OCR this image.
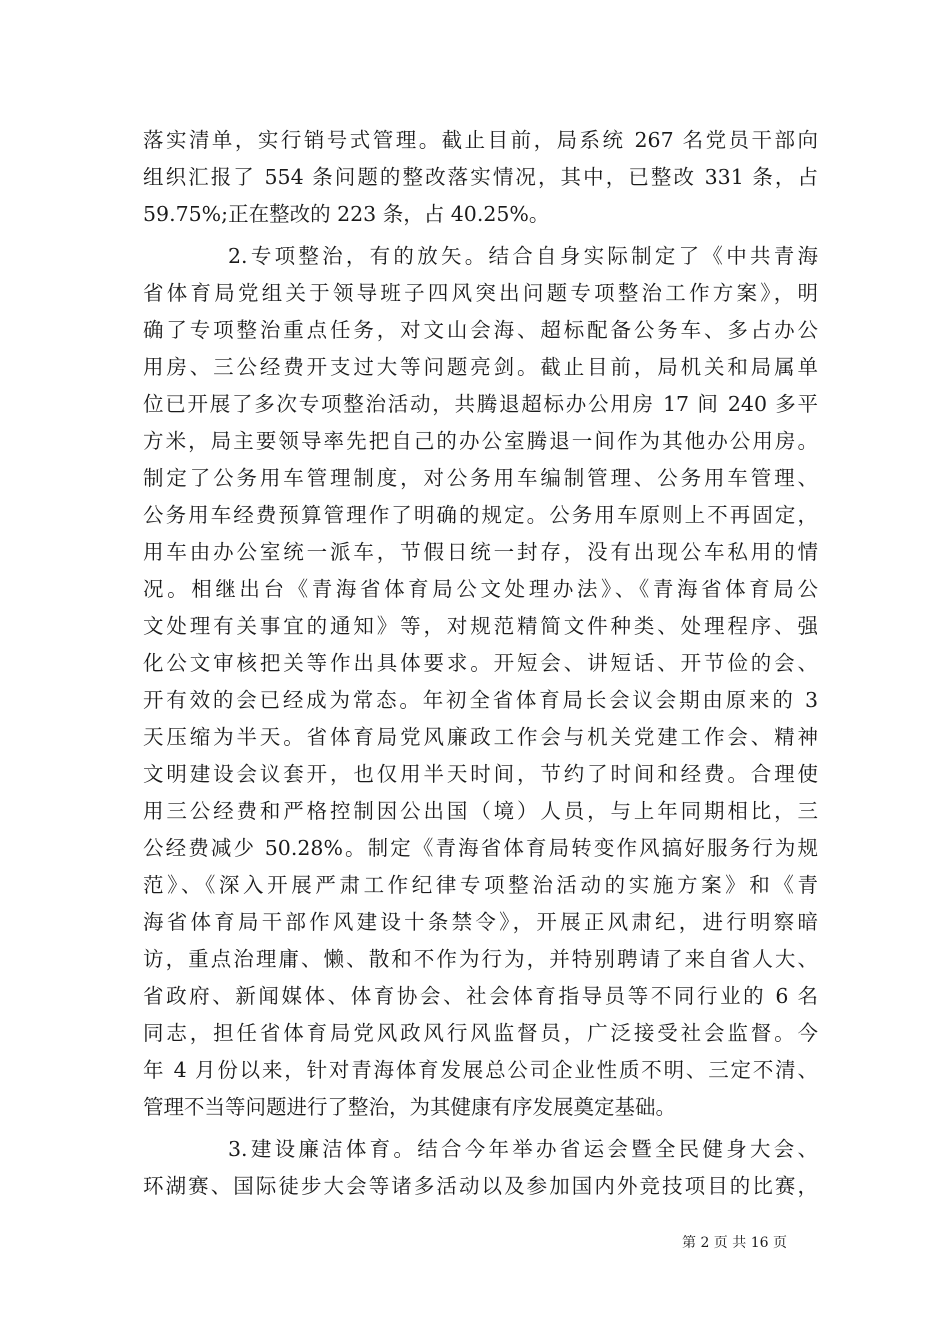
落实清单，实行销号式管理。截止目前，局系统 267 名党员干部向
组织汇报了 554 条问题的整改落实情况，其中，已整改 331 条，占
59.75%;正在整改的 223 条，占 40.25%。
2.专项整治，有的放矢。结合自身实际制定了《中共青海
省体育局党组关于领导班子四风突出问题专项整治工作方案》，明
确了专项整治重点任务，对文山会海、超标配备公务车、多占办公
用房、三公经费开支过大等问题亮剑。截止目前，局机关和局属单
位已开展了多次专项整治活动，共腾退超标办公用房 17 间 240 多平
方米，局主要领导率先把自己的办公室腾退一间作为其他办公用房。
制定了公务用车管理制度，对公务用车编制管理、公务用车管理、
公务用车经费预算管理作了明确的规定。公务用车原则上不再固定，
用车由办公室统一派车，节假日统一封存，没有出现公车私用的情
况。相继出台《青海省体育局公文处理办法》、《青海省体育局公
文处理有关事宜的通知》等，对规范精简文件种类、处理程序、强
化公文审核把关等作出具体要求。开短会、讲短话、开节俭的会、
开有效的会已经成为常态。年初全省体育局长会议会期由原来的 3
天压缩为半天。省体育局党风廉政工作会与机关党建工作会、精神
文明建设会议套开，也仅用半天时间，节约了时间和经费。合理使
用三公经费和严格控制因公出国（境）人员，与上年同期相比，三
公经费减少 50.28%。制定《青海省体育局转变作风搞好服务行为规
范》、《深入开展严肃工作纪律专项整治活动的实施方案》和《青
海省体育局干部作风建设十条禁令》，开展正风肃纪，进行明察暗
访，重点治理庸、懒、散和不作为行为，并特别聘请了来自省人大、
省政府、新闻媒体、体育协会、社会体育指导员等不同行业的 6 名
同志，担任省体育局党风政风行风监督员，广泛接受社会监督。今
年 4 月份以来，针对青海体育发展总公司企业性质不明、三定不清、
管理不当等问题进行了整治，为其健康有序发展奠定基础。
3.建设廉洁体育。结合今年举办省运会暨全民健身大会、
环湖赛、国际徒步大会等诸多活动以及参加国内外竞技项目的比赛，
第 2 页 共 16 页
